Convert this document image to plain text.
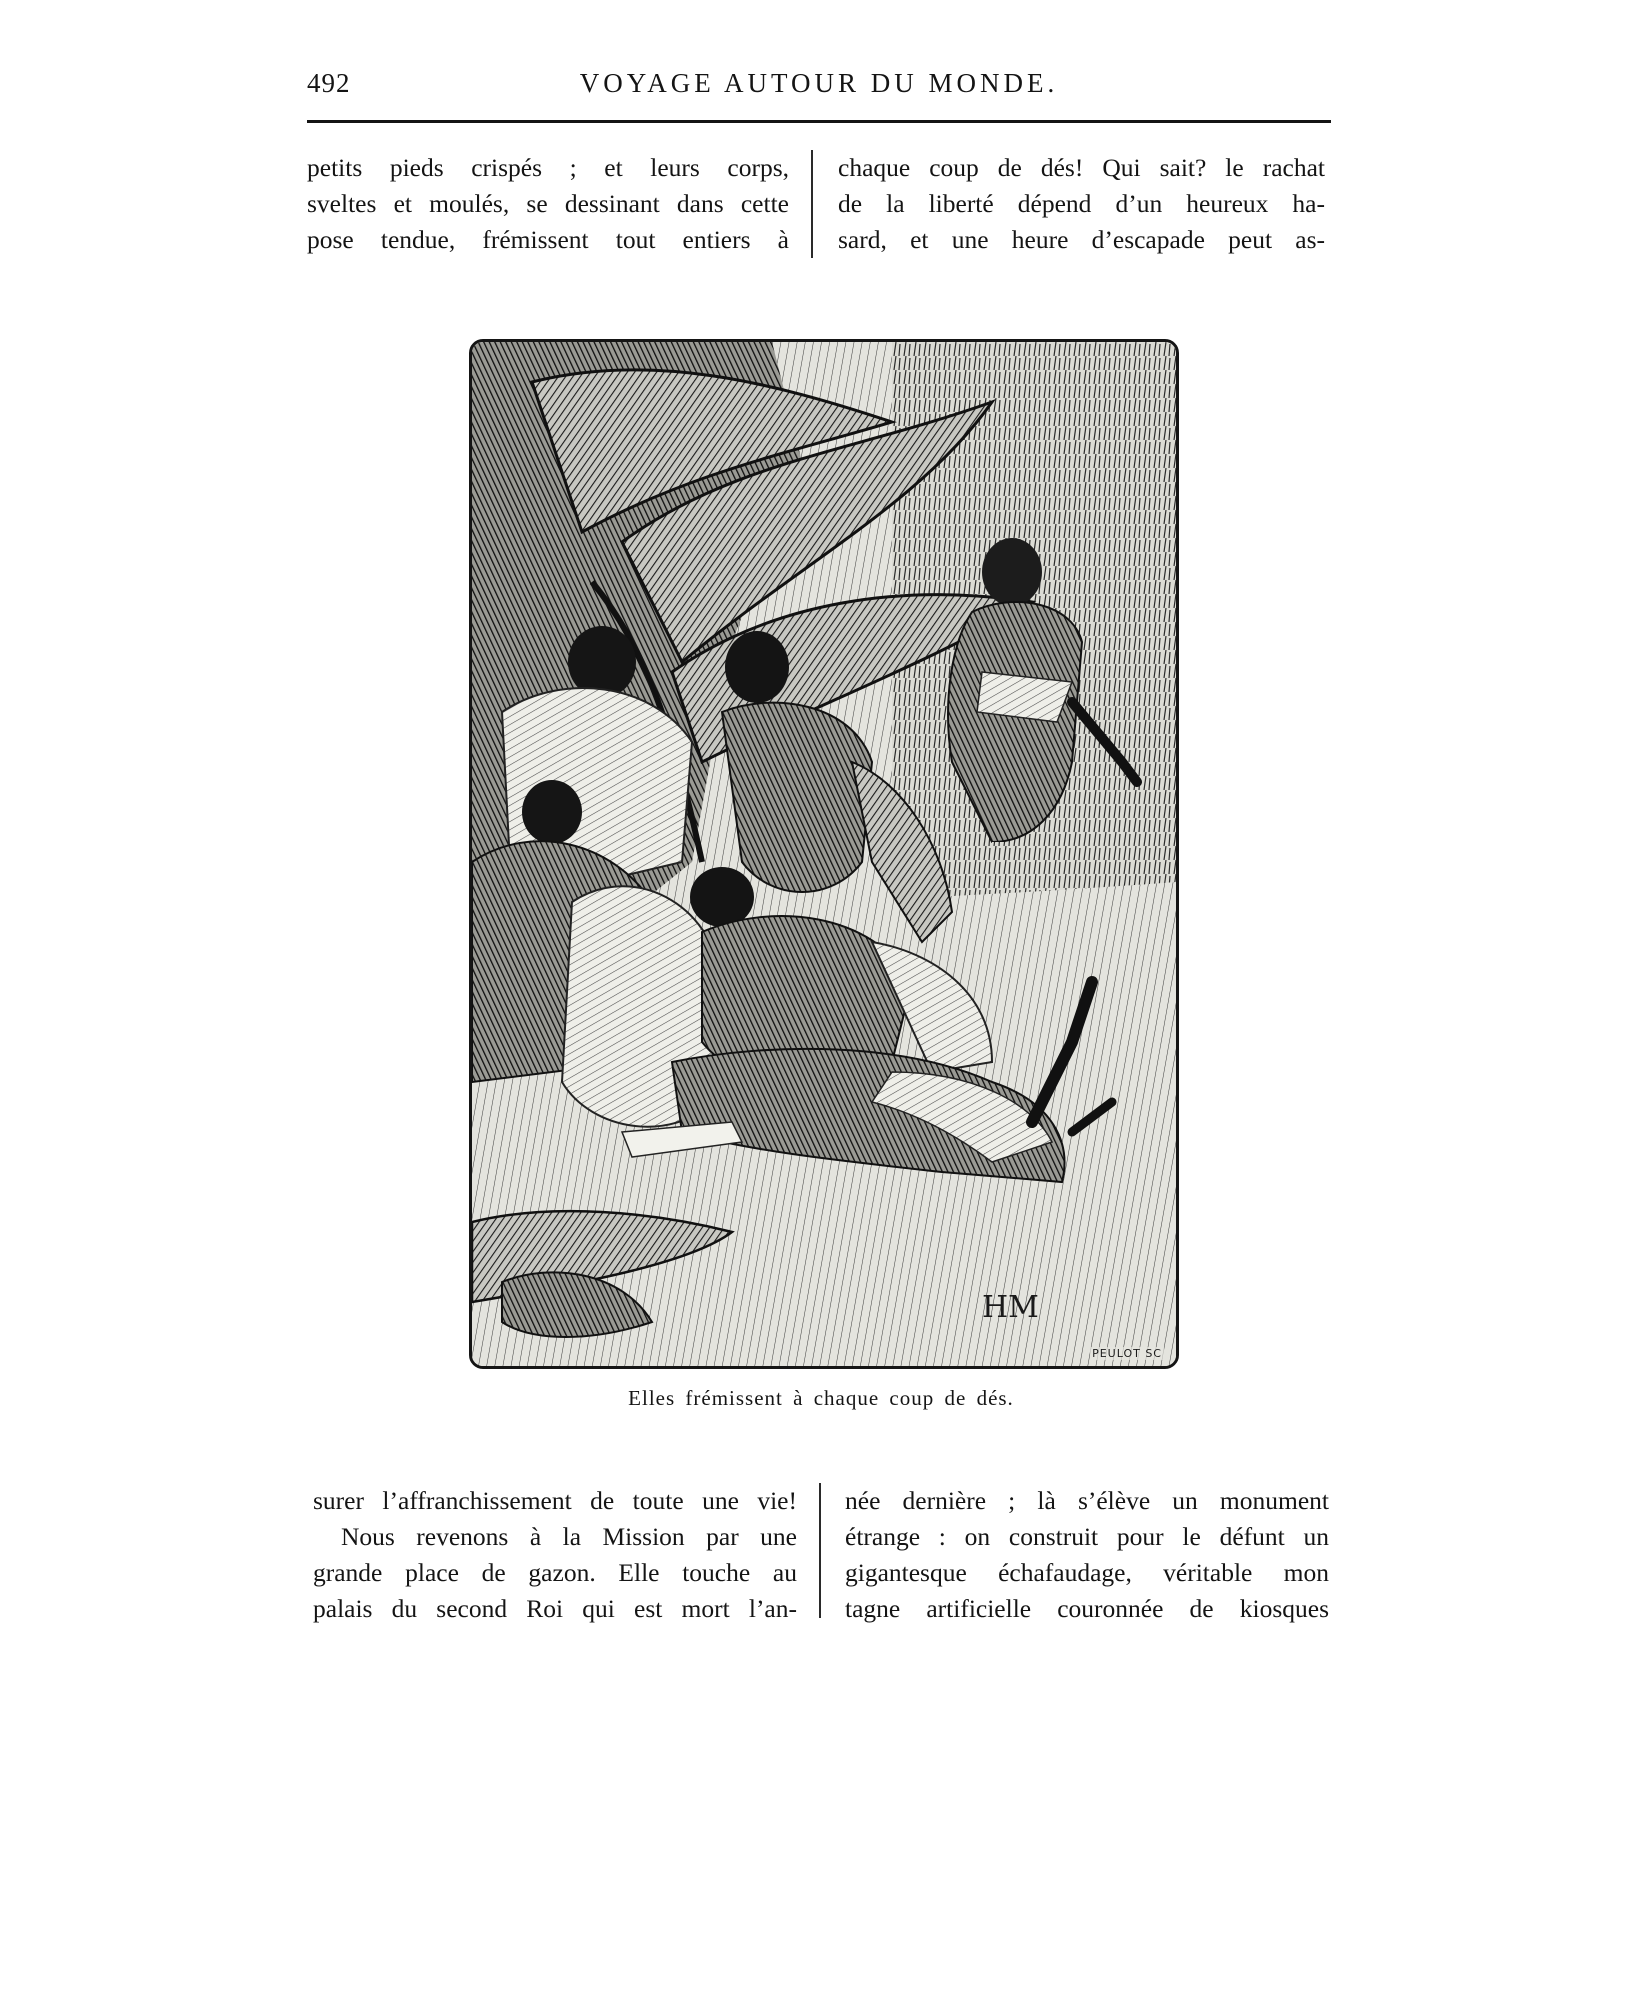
492	VOYAGE AUTOUR DU MONDE.
petits pieds crispés ; et leurs corps,
sveltes et moulés, se dessinant dans cette
pose tendue, frémissent tout entiers à
chaque coup de dés! Qui sait? le rachat
de la liberté dépend d’un heureux ha-
sard, et une heure d’escapade peut as-
HM
PEULOT SC
Elles frémissent à chaque coup de dés.
surer l’affranchissement de toute une vie!
Nous revenons à la Mission par une
grande place de gazon. Elle touche au
palais du second Roi qui est mort l’an-
née dernière ; là s’élève un monument
étrange : on construit pour le défunt un
gigantesque échafaudage, véritable mon
tagne artificielle couronnée de kiosques
